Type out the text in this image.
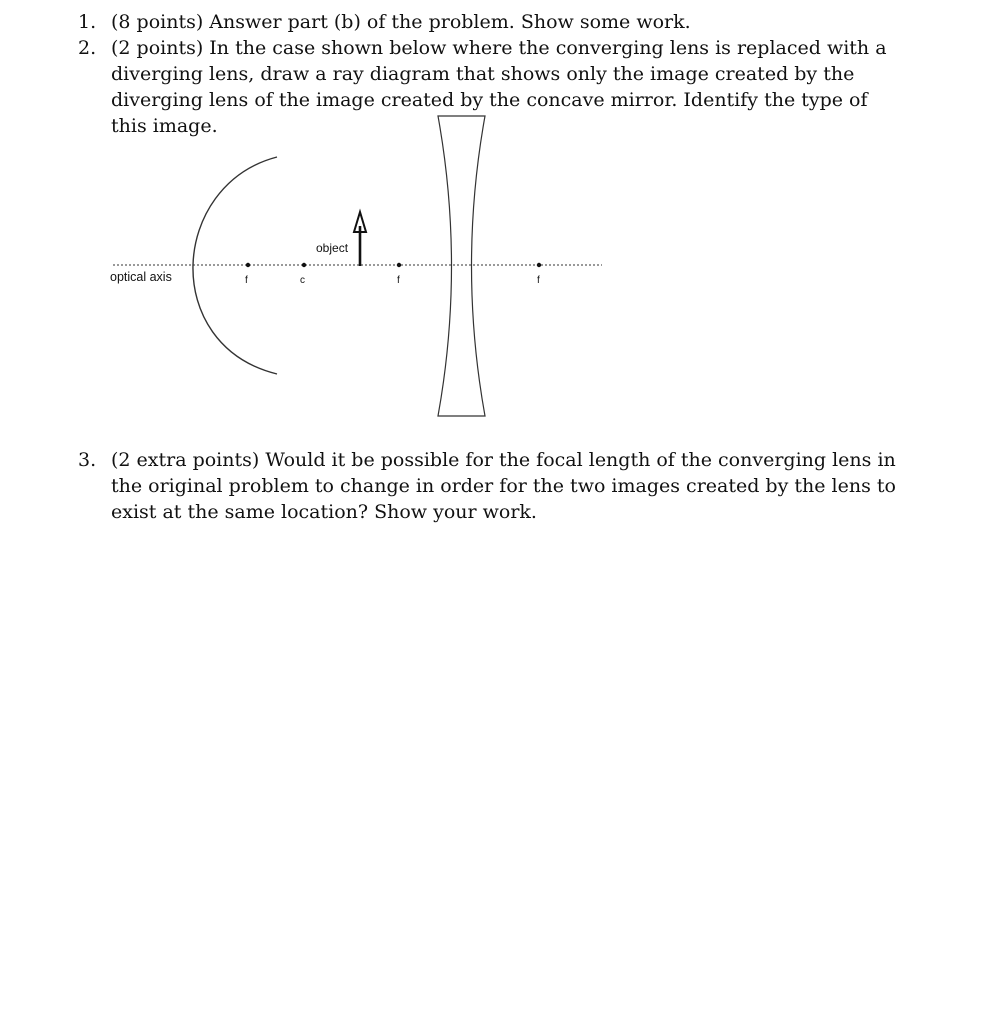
1. (8 points) Answer part (b) of the problem. Show some work.
2. (2 points) In the case shown below where the converging lens is replaced with a diverging lens, draw a ray diagram that shows only the image created by the diverging lens of the image created by the concave mirror. Identify the type of this image.
f	c	f	f
object
optical axis
3. (2 extra points) Would it be possible for the focal length of the converging lens in the original problem to change in order for the two images created by the lens to exist at the same location? Show your work.
